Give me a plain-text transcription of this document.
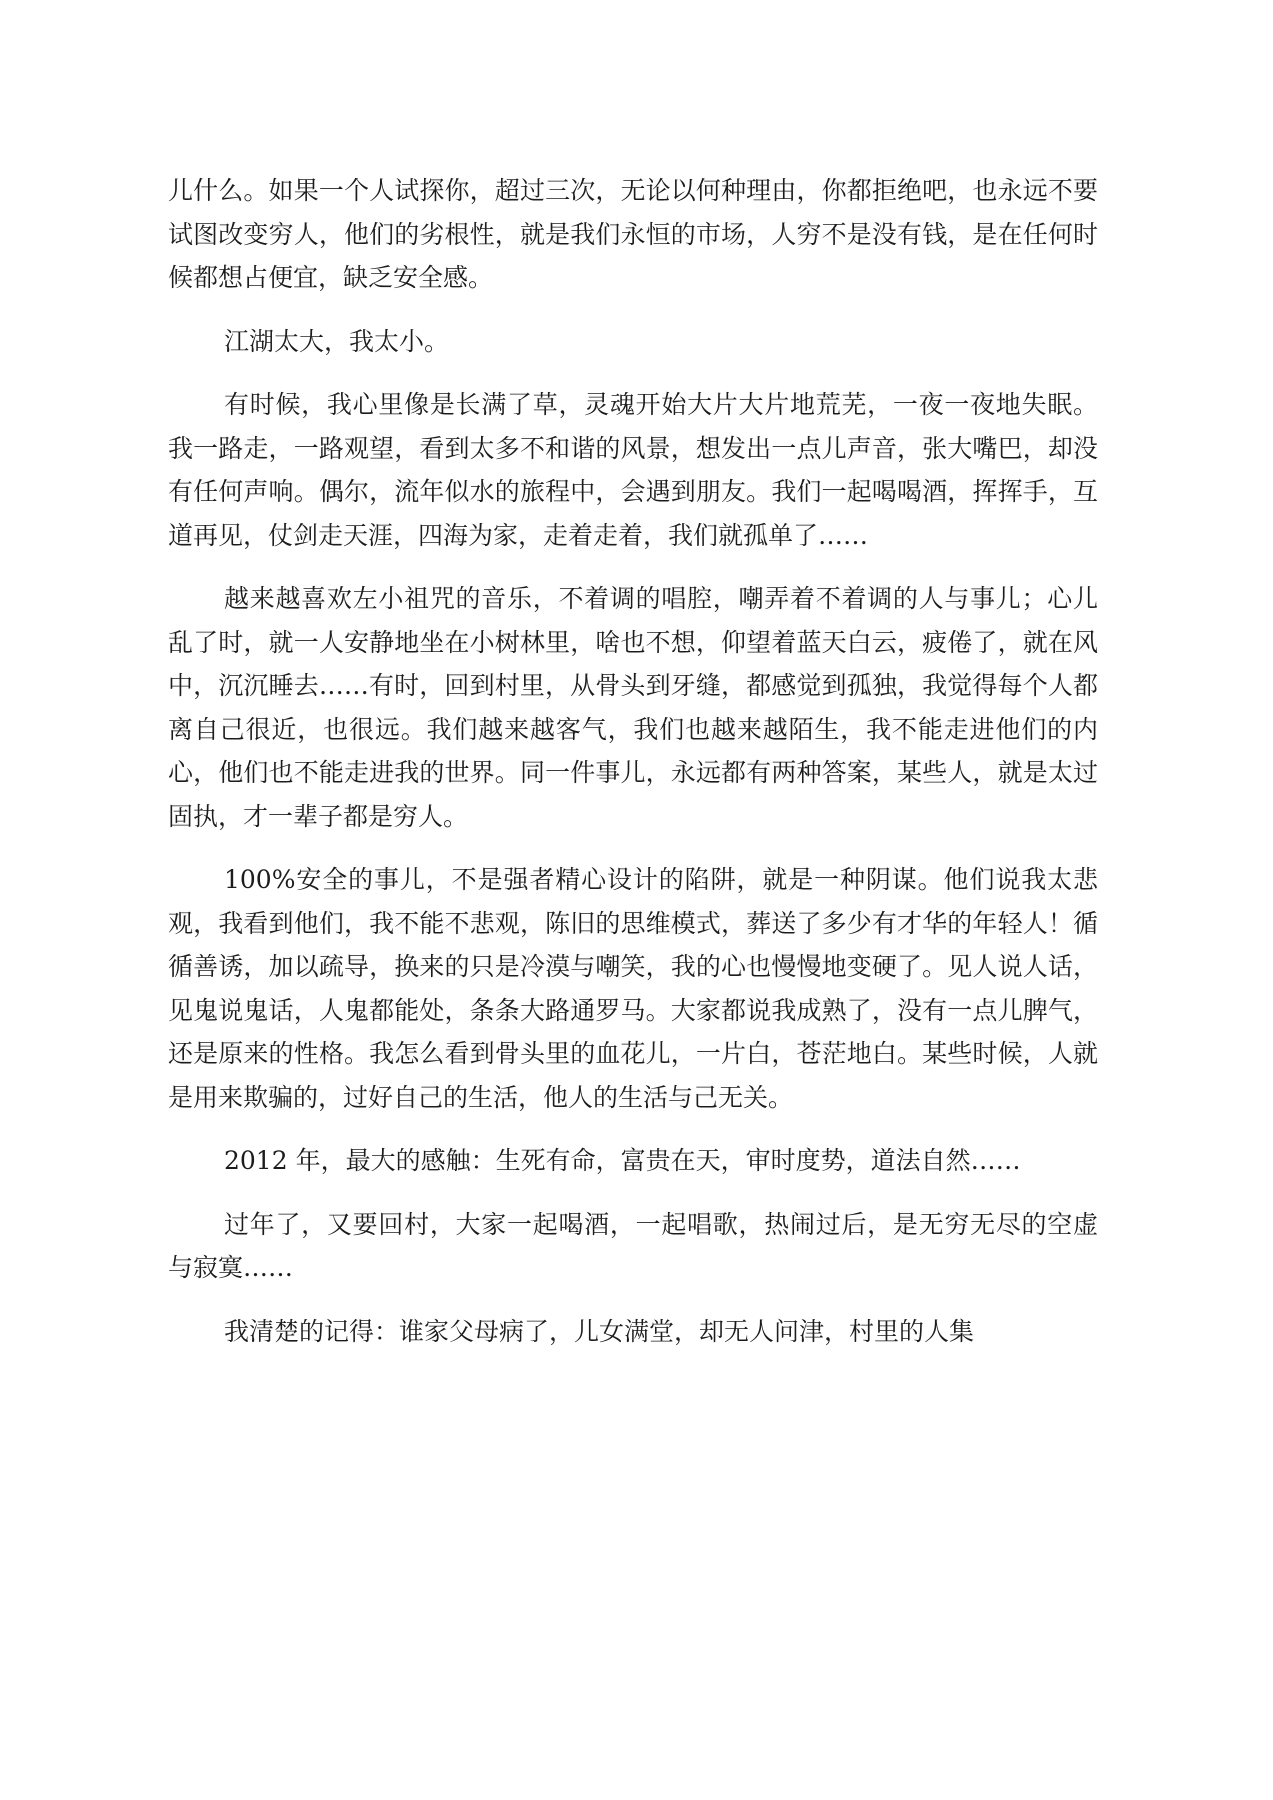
儿什么。如果一个人试探你，超过三次，无论以何种理由，你都拒绝吧，也永远不要试图改变穷人，他们的劣根性，就是我们永恒的市场，人穷不是没有钱，是在任何时候都想占便宜，缺乏安全感。

江湖太大，我太小。

有时候，我心里像是长满了草，灵魂开始大片大片地荒芜，一夜一夜地失眠。我一路走，一路观望，看到太多不和谐的风景，想发出一点儿声音，张大嘴巴，却没有任何声响。偶尔，流年似水的旅程中，会遇到朋友。我们一起喝喝酒，挥挥手，互道再见，仗剑走天涯，四海为家，走着走着，我们就孤单了……

越来越喜欢左小祖咒的音乐，不着调的唱腔，嘲弄着不着调的人与事儿；心儿乱了时，就一人安静地坐在小树林里，啥也不想，仰望着蓝天白云，疲倦了，就在风中，沉沉睡去……有时，回到村里，从骨头到牙缝，都感觉到孤独，我觉得每个人都离自己很近，也很远。我们越来越客气，我们也越来越陌生，我不能走进他们的内心，他们也不能走进我的世界。同一件事儿，永远都有两种答案，某些人，就是太过固执，才一辈子都是穷人。

100%安全的事儿，不是强者精心设计的陷阱，就是一种阴谋。他们说我太悲观，我看到他们，我不能不悲观，陈旧的思维模式，葬送了多少有才华的年轻人！循循善诱，加以疏导，换来的只是冷漠与嘲笑，我的心也慢慢地变硬了。见人说人话，见鬼说鬼话，人鬼都能处，条条大路通罗马。大家都说我成熟了，没有一点儿脾气，还是原来的性格。我怎么看到骨头里的血花儿，一片白，苍茫地白。某些时候，人就是用来欺骗的，过好自己的生活，他人的生活与己无关。

2012 年，最大的感触：生死有命，富贵在天，审时度势，道法自然……

过年了，又要回村，大家一起喝酒，一起唱歌，热闹过后，是无穷无尽的空虚与寂寞……

我清楚的记得：谁家父母病了，儿女满堂，却无人问津，村里的人集
